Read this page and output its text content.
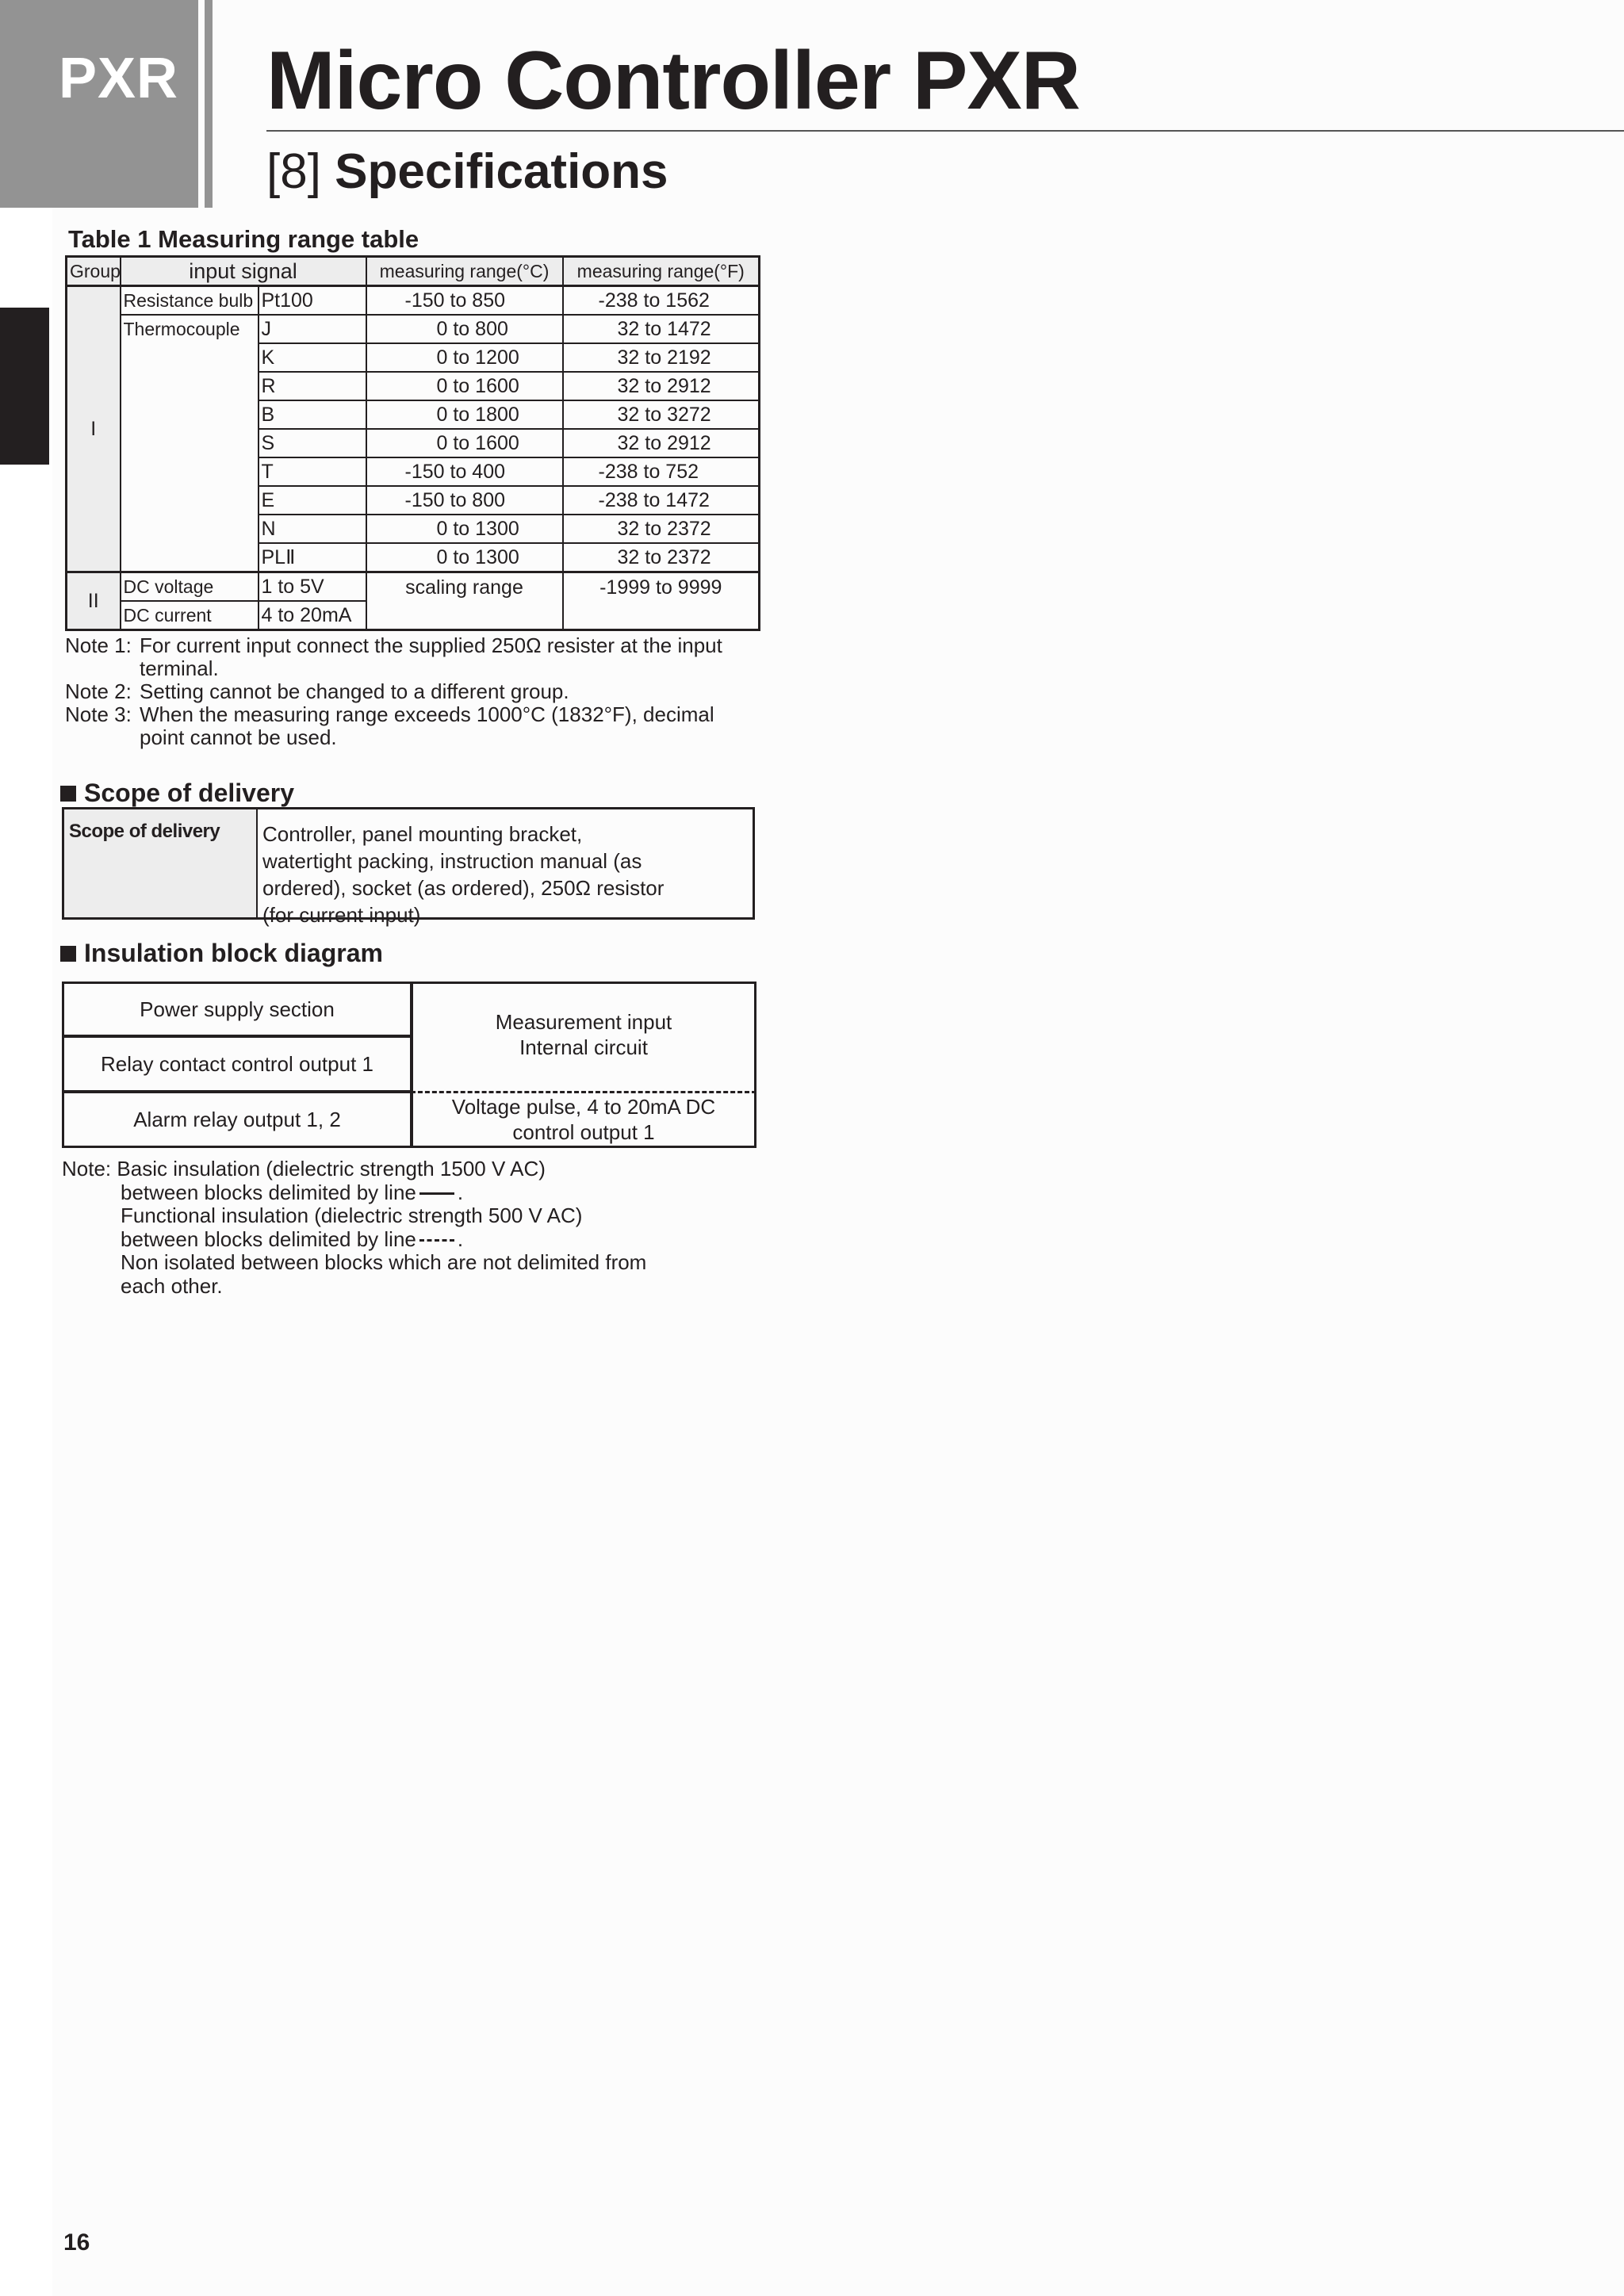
PXR Micro Controller PXR
[8] Specifications
Table 1 Measuring range table
Group	input signal		measuring range(°C)	measuring range(°F)
I	Resistance bulb	Pt100	-150 to 850	-238 to 1562
	Thermocouple	J	0 to 800	32 to 1472
		K	0 to 1200	32 to 2192
		R	0 to 1600	32 to 2912
		B	0 to 1800	32 to 3272
		S	0 to 1600	32 to 2912
		T	-150 to 400	-238 to 752
		E	-150 to 800	-238 to 1472
		N	0 to 1300	32 to 2372
		PLⅡ	0 to 1300	32 to 2372
II	DC voltage	1 to 5V	scaling range	-1999 to 9999
	DC current	4 to 20mA		
Note 1: For current input connect the supplied 250Ω resister at the input
terminal.
Note 2: Setting cannot be changed to a different group.
Note 3: When the measuring range exceeds 1000°C (1832°F), decimal
point cannot be used.
Scope of delivery
Scope of delivery	Controller, panel mounting bracket,
watertight packing, instruction manual (as
ordered), socket (as ordered), 250Ω resistor
(for current input)
Insulation block diagram
Power supply section
Relay contact control output 1
Alarm relay output 1, 2
Measurement input
Internal circuit
Voltage pulse, 4 to 20mA DC
control output 1
Note: Basic insulation (dielectric strength 1500 V AC)
between blocks delimited by line .
Functional insulation (dielectric strength 500 V AC)
between blocks delimited by line .
Non isolated between blocks which are not delimited from
each other.
16
